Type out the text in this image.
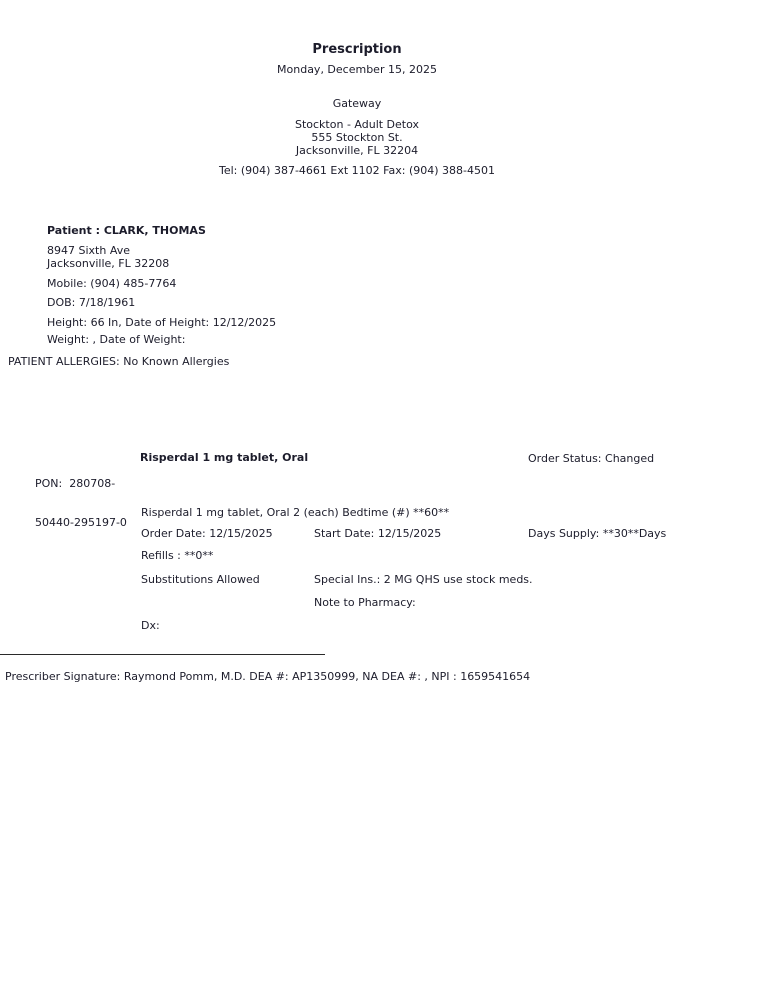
Prescription
Monday, December 15, 2025
Gateway
Stockton - Adult Detox
555 Stockton St.
Jacksonville, FL 32204
Tel: (904) 387-4661 Ext 1102 Fax: (904) 388-4501
Patient : CLARK, THOMAS
8947 Sixth Ave
Jacksonville, FL 32208
Mobile: (904) 485-7764
DOB: 7/18/1961
Height: 66 In, Date of Height: 12/12/2025
Weight: , Date of Weight:
PATIENT ALLERGIES: No Known Allergies

PON:  280708-

50440-295197-0

Risperdal 1 mg tablet, Oral	Order Status: Changed
Risperdal 1 mg tablet, Oral 2 (each) Bedtime (#) **60**
Order Date: 12/15/2025	Start Date: 12/15/2025	Days Supply: **30**Days
Refills : **0**
Substitutions Allowed	Special Ins.: 2 MG QHS use stock meds.
Note to Pharmacy:
Dx:
Prescriber Signature: Raymond Pomm, M.D. DEA #: AP1350999, NA DEA #: , NPI : 1659541654
